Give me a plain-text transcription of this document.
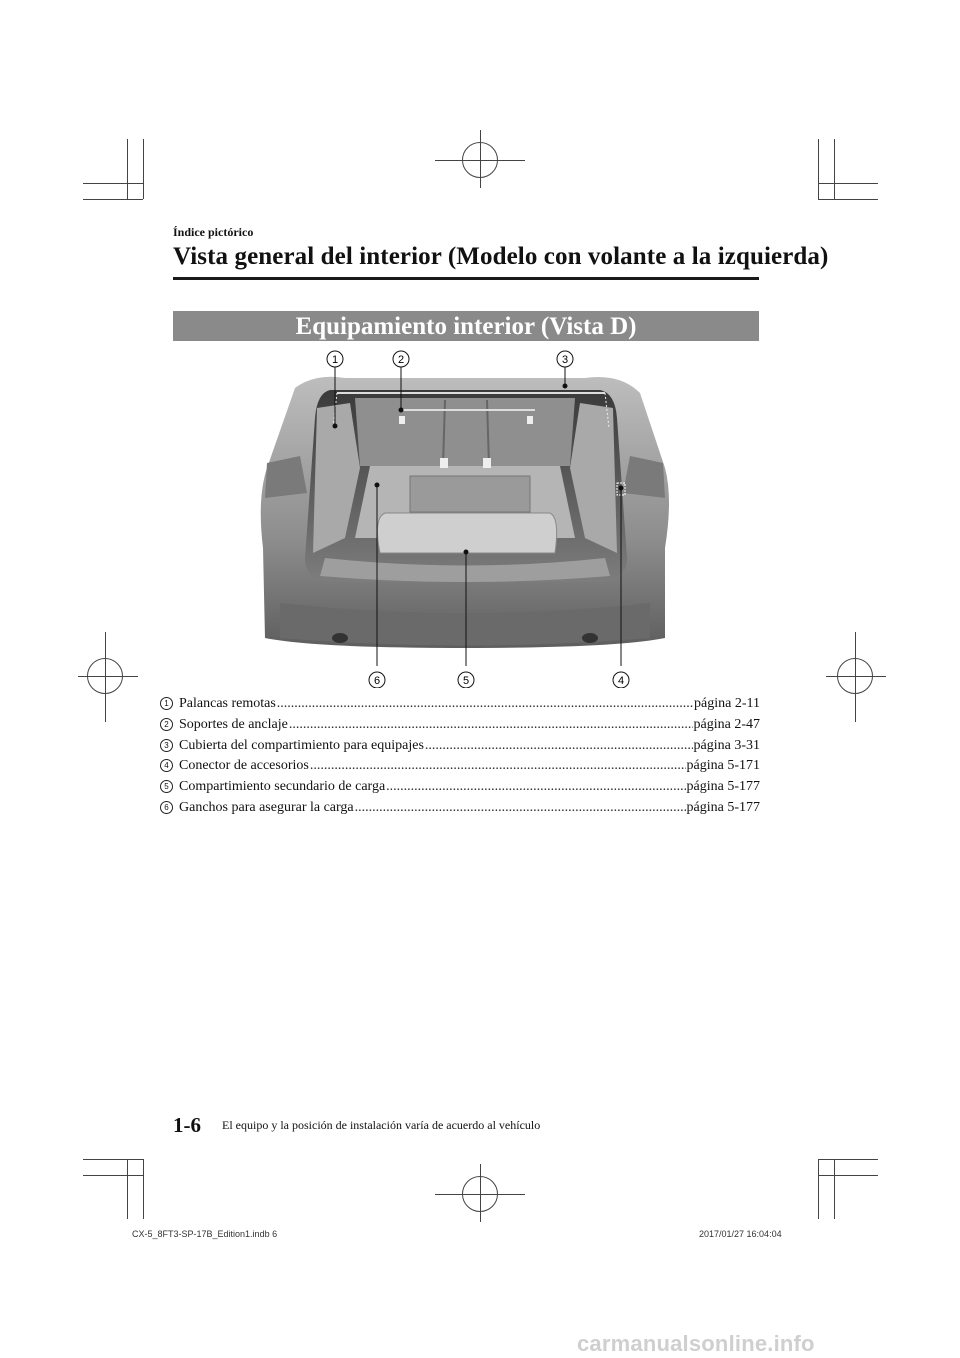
Índice pictórico
Vista general del interior (Modelo con volante a la izquierda)
Equipamiento interior (Vista D)
1	2	3
4
5
6
1 Palancas remotas .....	página 2-11
2 Soportes de anclaje .....	página 2-47
3 Cubierta del compartimiento para equipajes .....	página 3-31
4 Conector de accesorios .....	página 5-171
5 Compartimiento secundario de carga .....	página 5-177
6 Ganchos para asegurar la carga .....	página 5-177
1-6 El equipo y la posición de instalación varía de acuerdo al vehículo
CX-5_8FT3-SP-17B_Edition1.indb 6	2017/01/27 16:04:04
carmanualsonline.info
